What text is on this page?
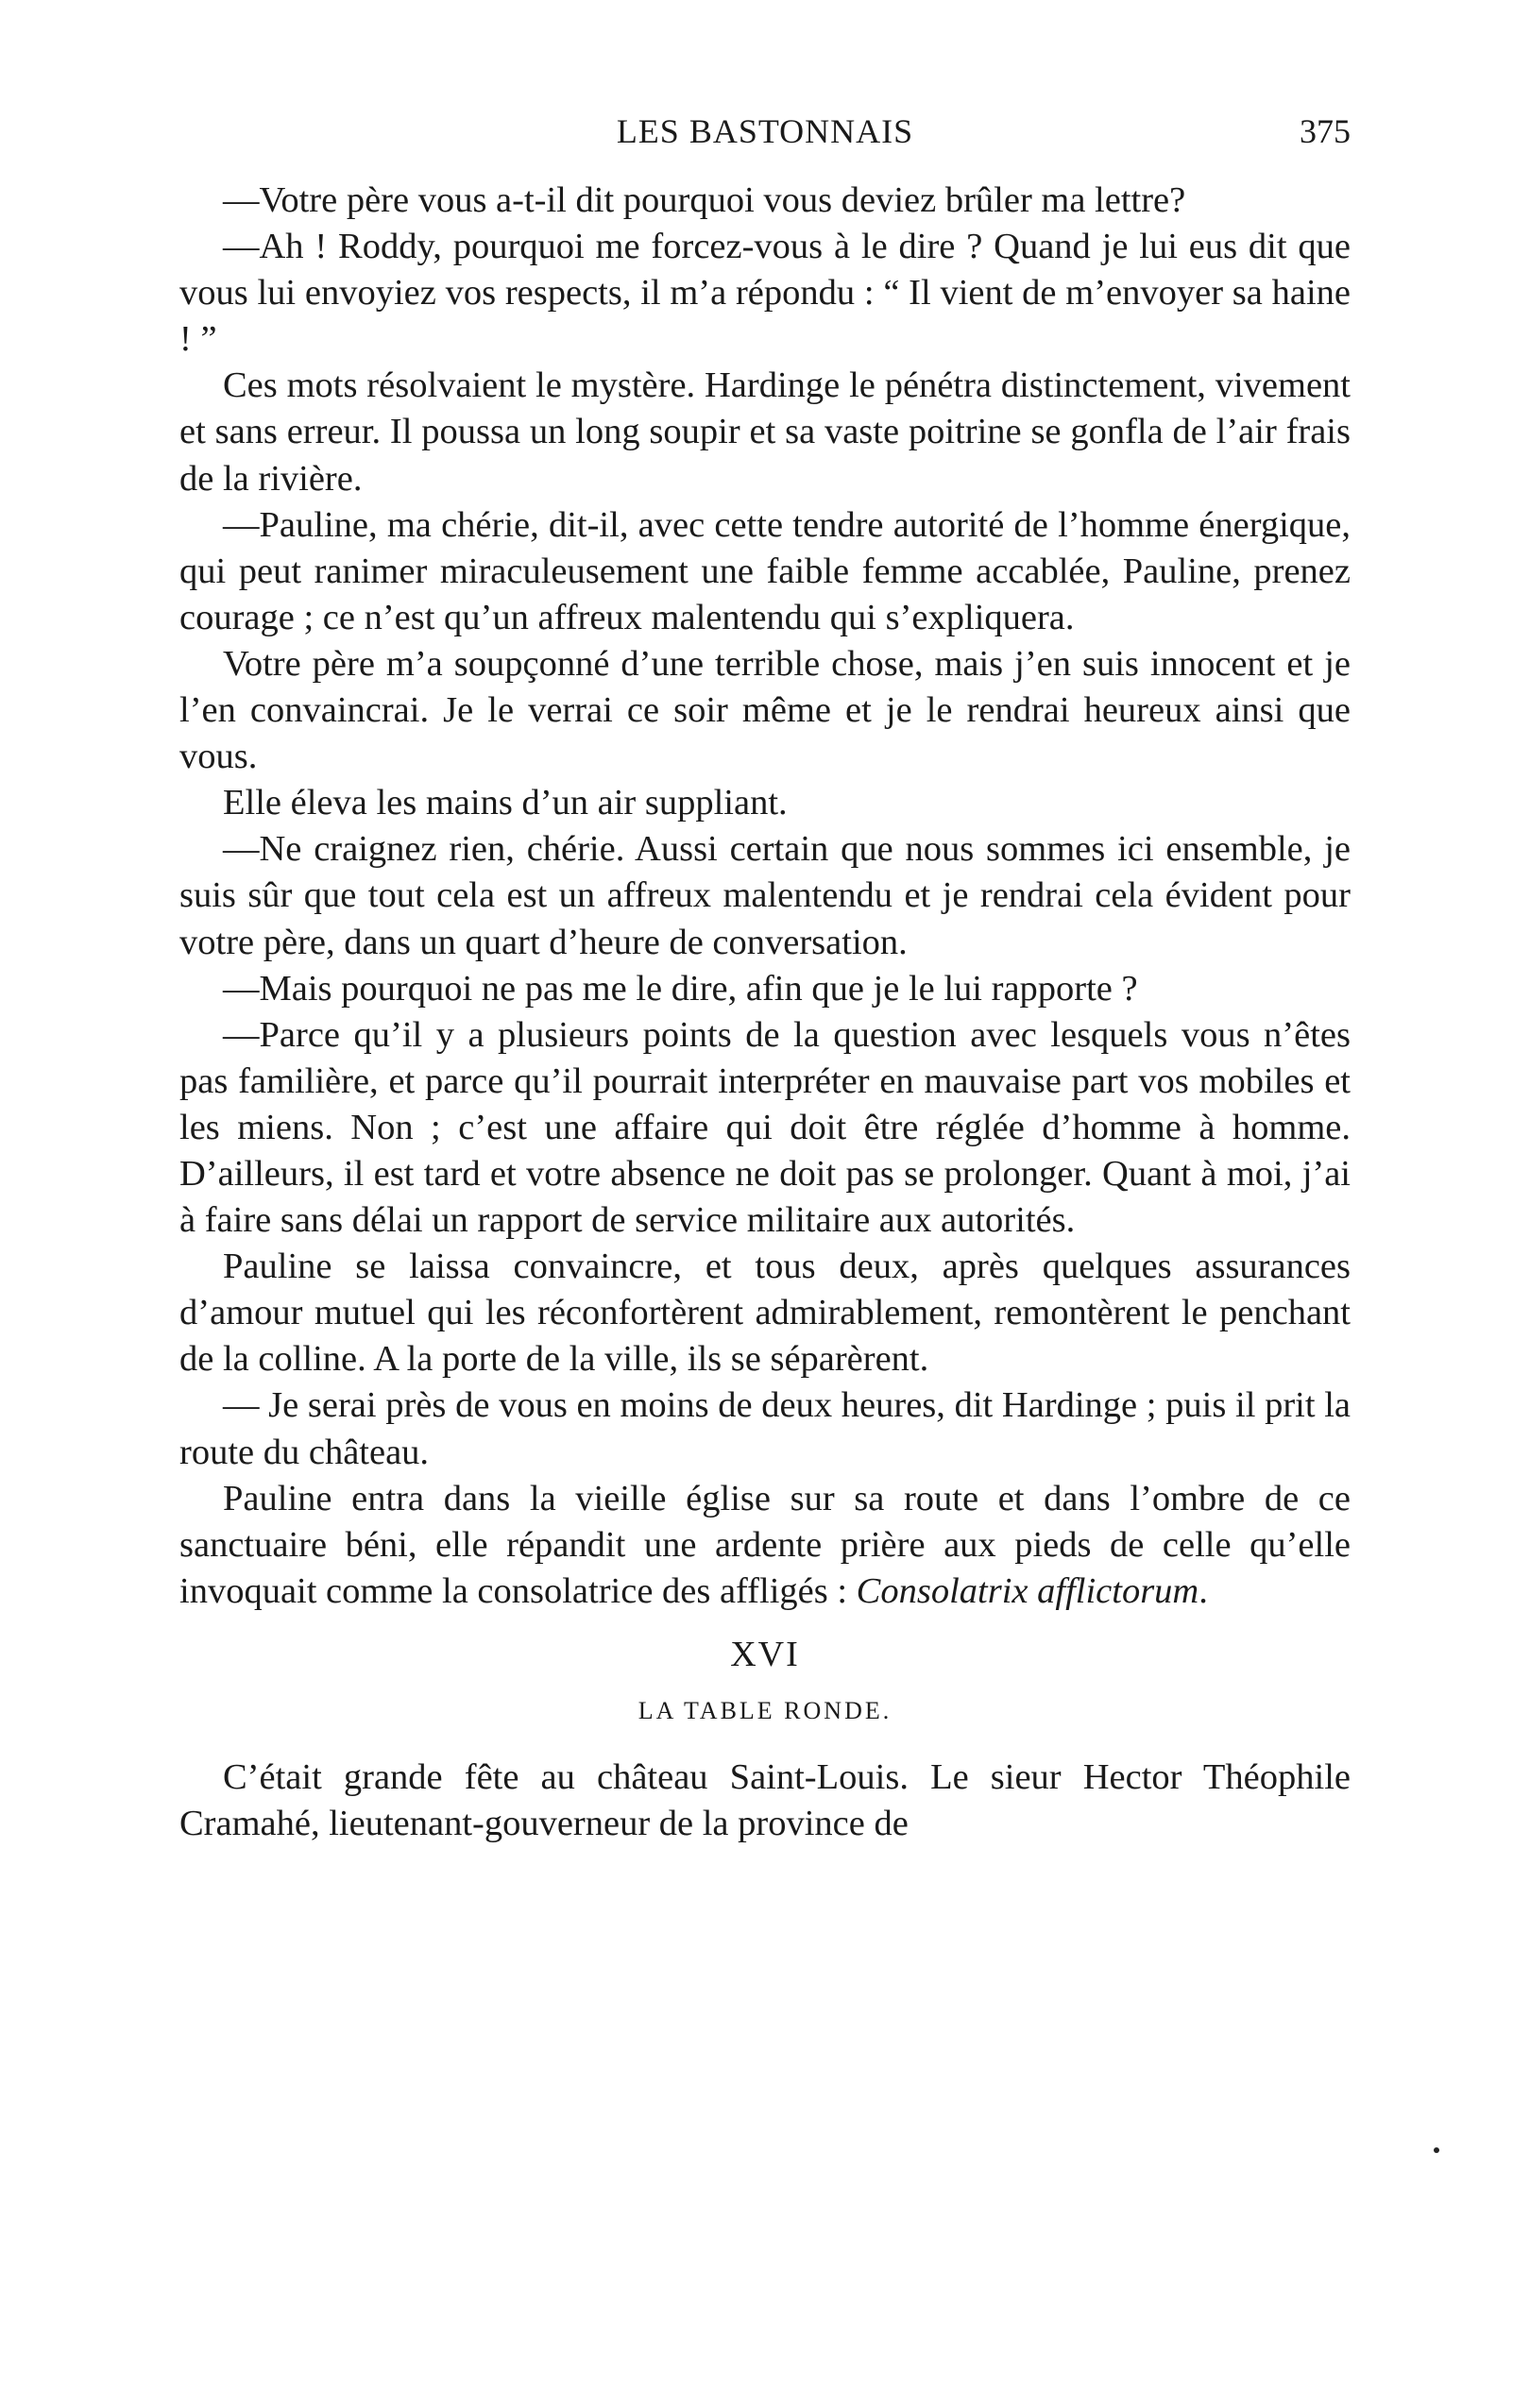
LES BASTONNAIS	375

—Votre père vous a-t-il dit pourquoi vous deviez brûler ma lettre?

—Ah ! Roddy, pourquoi me forcez-vous à le dire ? Quand je lui eus dit que vous lui envoyiez vos respects, il m’a répondu : “ Il vient de m’envoyer sa haine ! ”

Ces mots résolvaient le mystère. Hardinge le pénétra distinctement, vivement et sans erreur. Il poussa un long soupir et sa vaste poitrine se gonfla de l’air frais de la rivière.

—Pauline, ma chérie, dit-il, avec cette tendre autorité de l’homme énergique, qui peut ranimer miraculeusement une faible femme accablée, Pauline, prenez courage ; ce n’est qu’un affreux malentendu qui s’expliquera.

Votre père m’a soupçonné d’une terrible chose, mais j’en suis innocent et je l’en convaincrai. Je le verrai ce soir même et je le rendrai heureux ainsi que vous.

Elle éleva les mains d’un air suppliant.

—Ne craignez rien, chérie. Aussi certain que nous sommes ici ensemble, je suis sûr que tout cela est un affreux malentendu et je rendrai cela évident pour votre père, dans un quart d’heure de conversation.

—Mais pourquoi ne pas me le dire, afin que je le lui rapporte ?

—Parce qu’il y a plusieurs points de la question avec lesquels vous n’êtes pas familière, et parce qu’il pourrait interpréter en mauvaise part vos mobiles et les miens. Non ; c’est une affaire qui doit être réglée d’homme à homme. D’ailleurs, il est tard et votre absence ne doit pas se prolonger. Quant à moi, j’ai à faire sans délai un rapport de service militaire aux autorités.

Pauline se laissa convaincre, et tous deux, après quelques assurances d’amour mutuel qui les réconfortèrent admirablement, remontèrent le penchant de la colline. A la porte de la ville, ils se séparèrent.

— Je serai près de vous en moins de deux heures, dit Hardinge ; puis il prit la route du château.

Pauline entra dans la vieille église sur sa route et dans l’ombre de ce sanctuaire béni, elle répandit une ardente prière aux pieds de celle qu’elle invoquait comme la consolatrice des affligés : Consolatrix afflictorum.

XVI
LA TABLE RONDE.

C’était grande fête au château Saint-Louis. Le sieur Hector Théophile Cramahé, lieutenant-gouverneur de la province de
